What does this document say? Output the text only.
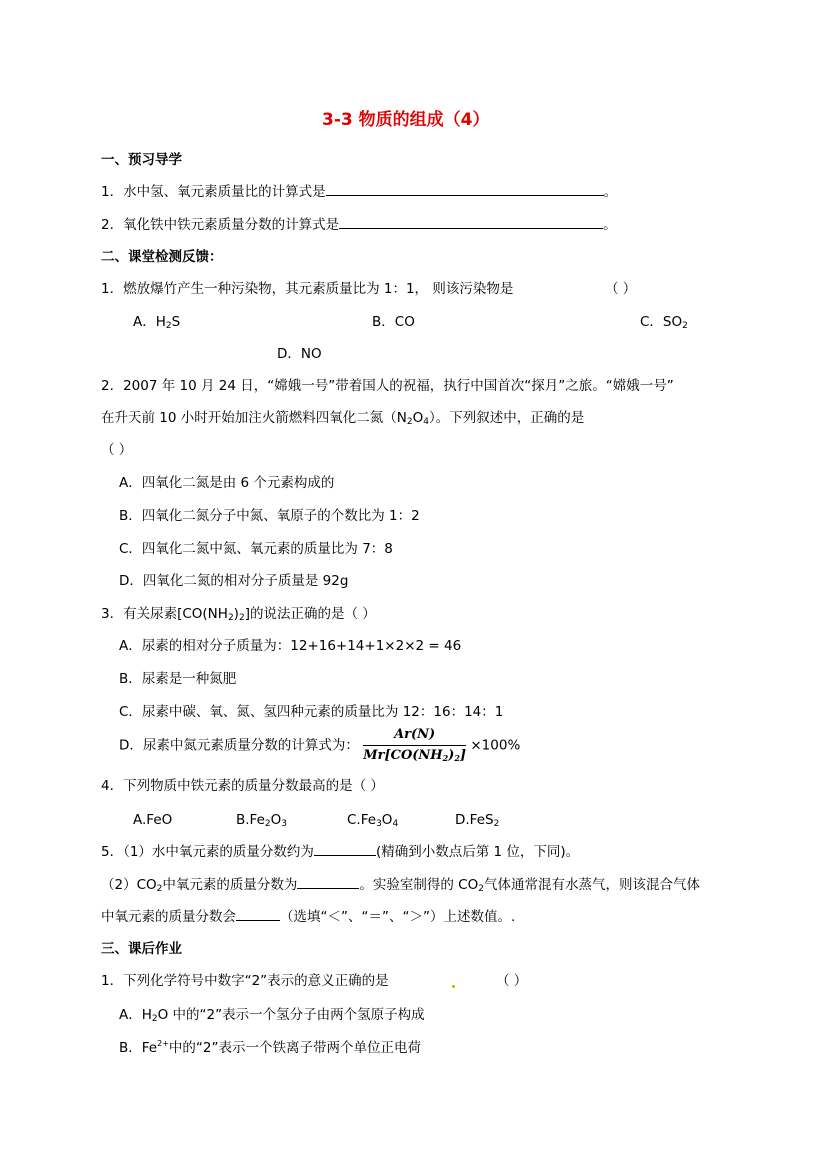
3-3 物质的组成（4）
一、预习导学
1．水中氢、氧元素质量比的计算式是	。
2．氧化铁中铁元素质量分数的计算式是	。
二、课堂检测反馈：
1．燃放爆竹产生一种污染物，其元素质量比为 1：1， 则该污染物是	（ ）
A．$H_2S$	B．CO	C．$SO_2$
D．NO
2．2007 年 10 月 24 日，“嫦娥一号”带着国人的祝福，执行中国首次“探月”之旅。“嫦娥一号”
在升天前 10 小时开始加注火箭燃料四氧化二氮$(N_2O_4)$。下列叙述中，正确的是
（ ）
A．四氧化二氮是由 6 个元素构成的
B．四氧化二氮分子中氮、氧原子的个数比为 1：2
C．四氧化二氮中氮、氧元素的质量比为 7：8
D．四氧化二氮的相对分子质量是 92g
3．有关尿素$[CO(NH_2)_2]$的说法正确的是（ ）
A．尿素的相对分子质量为：12+16+14+1×2×2 = 46
B．尿素是一种氮肥
C．尿素中碳、氧、氮、氢四种元素的质量比为 12：16：14：1
D．尿素中氮元素质量分数的计算式为： $\frac{Ar(N)}{Mr[CO(NH_2)_2]} \times 100\%$
4．下列物质中铁元素的质量分数最高的是（ ）
A.FeO	$B.Fe_2O_3$	$C.Fe_3O_4$	D.FeS$_2$
5．（1）水中氧元素的质量分数约为	(精确到小数点后第 1 位，下同)。
$(2)CO_2$中氧元素的质量分数为	。实验室制得的 $CO_2$气体通常混有水蒸气，则该混合气体
中氧元素的质量分数会	（选填“＜”、“＝”、“＞”）上述数值。.
三、课后作业
1．下列化学符号中数字“2”表示的意义正确的是	（ ）
A．$H_2O$ 中的“2”表示一个氢分子由两个氢原子构成
B．$Fe^{2+}$中的“2”表示一个铁离子带两个单位正电荷
